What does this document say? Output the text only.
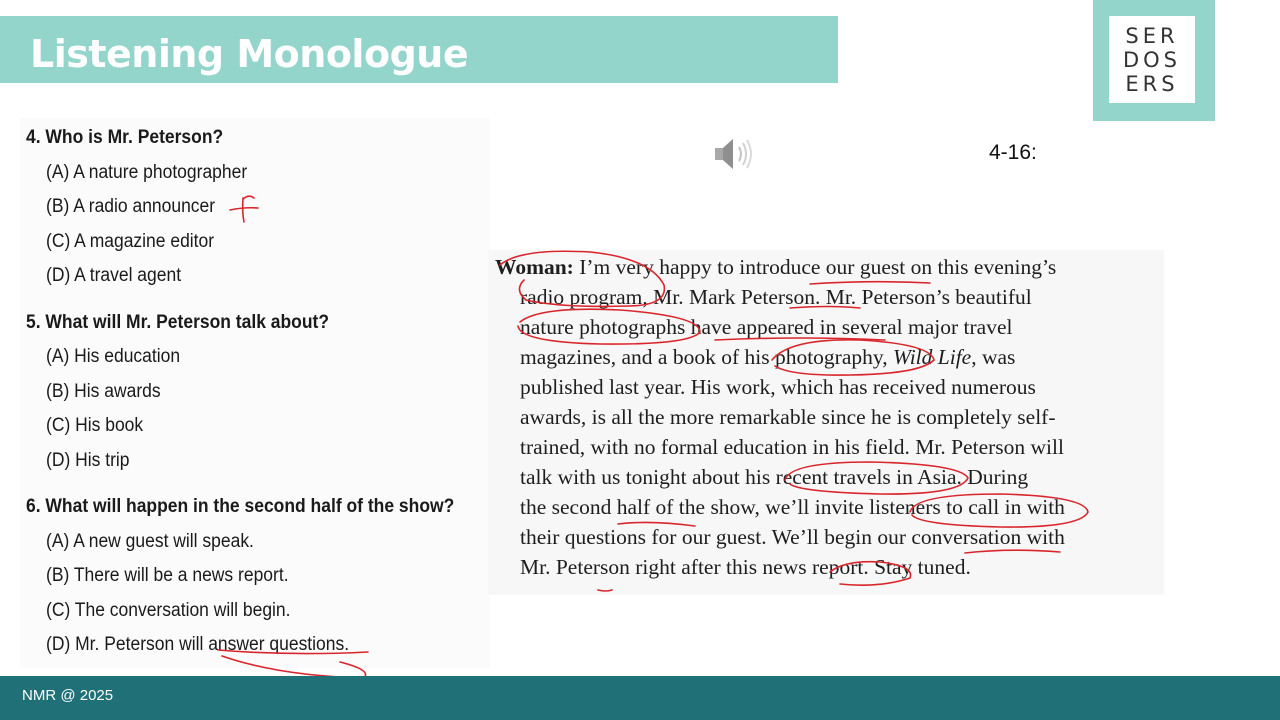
Listening Monologue	SER
DOS
ERS
4. Who is Mr. Peterson?
(A) A nature photographer
(B) A radio announcer
(C) A magazine editor
(D) A travel agent
5. What will Mr. Peterson talk about?
(A) His education
(B) His awards
(C) His book
(D) His trip
6. What will happen in the second half of the show?
(A) A new guest will speak.
(B) There will be a news report.
(C) The conversation will begin.
(D) Mr. Peterson will answer questions.
4-16:
Woman: I’m very happy to introduce our guest on this evening’s
radio program, Mr. Mark Peterson. Mr. Peterson’s beautiful
nature photographs have appeared in several major travel
magazines, and a book of his photography, Wild Life, was
published last year. His work, which has received numerous
awards, is all the more remarkable since he is completely self-
trained, with no formal education in his field. Mr. Peterson will
talk with us tonight about his recent travels in Asia. During
the second half of the show, we’ll invite listeners to call in with
their questions for our guest. We’ll begin our conversation with
Mr. Peterson right after this news report. Stay tuned.
NMR @ 2025
